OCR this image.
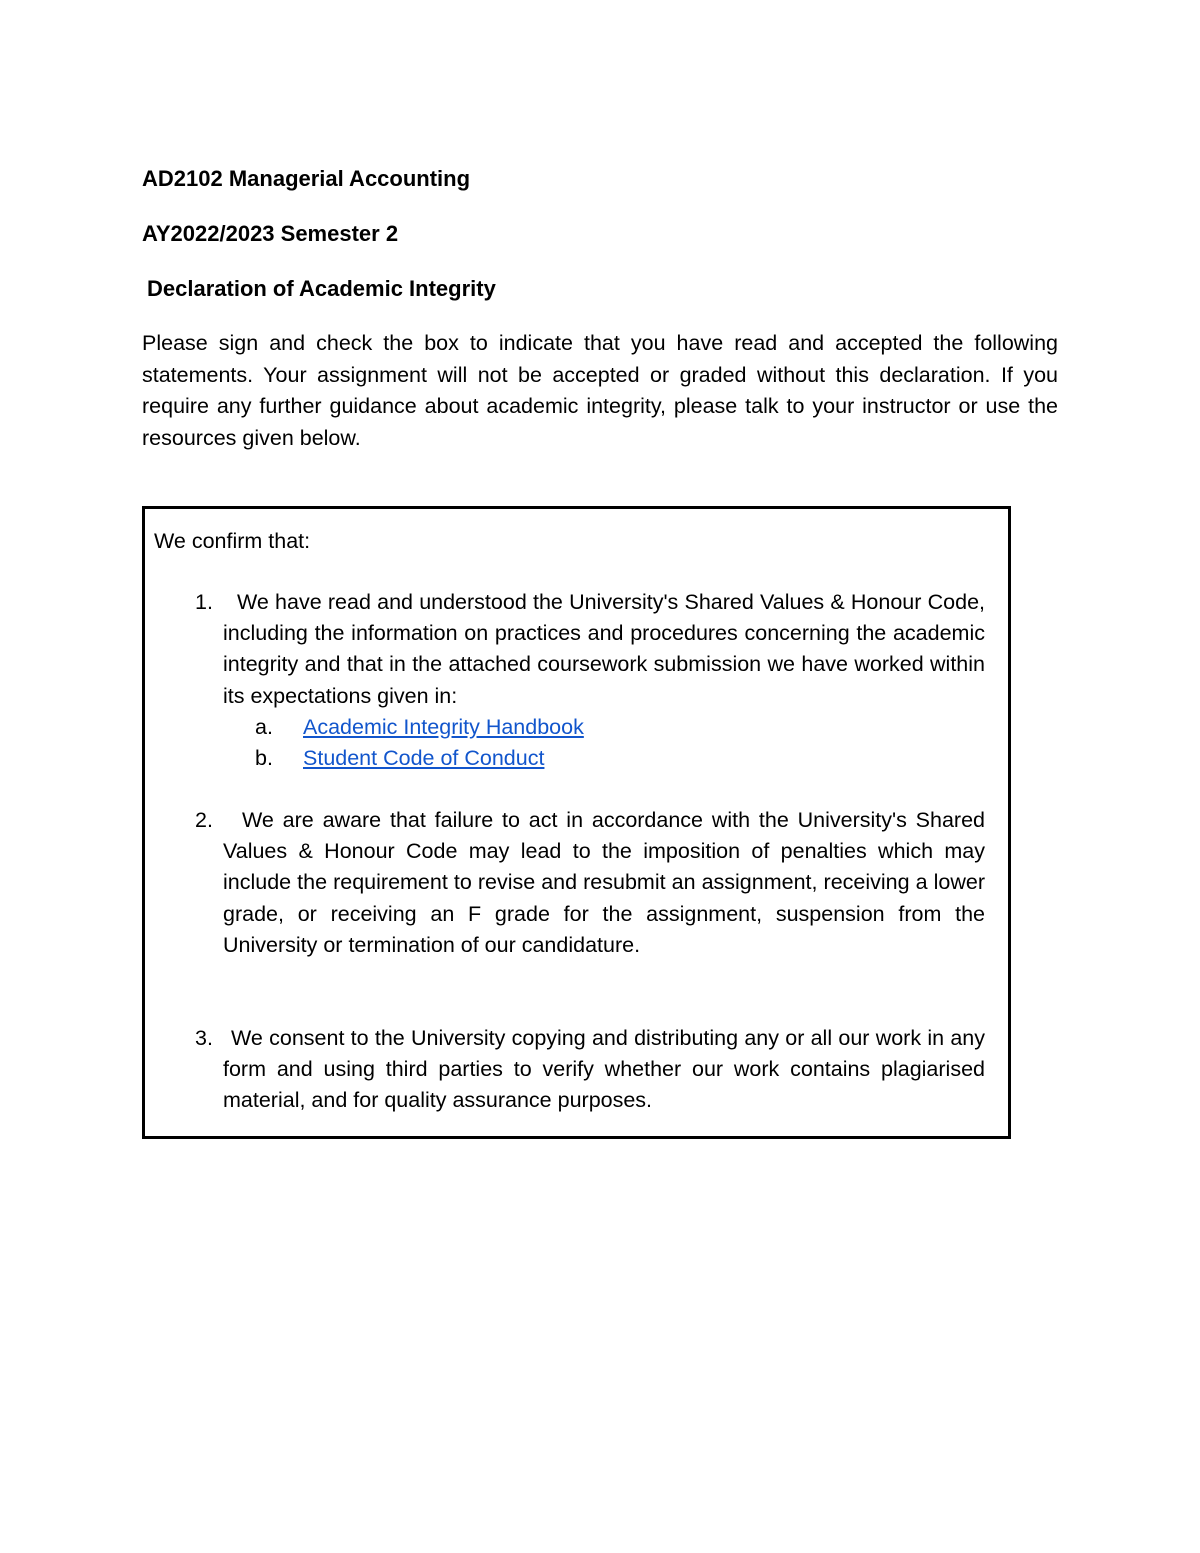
AD2102 Managerial Accounting
AY2022/2023 Semester 2
Declaration of Academic Integrity

Please sign and check the box to indicate that you have read and accepted the following statements. Your assignment will not be accepted or graded without this declaration. If you require any further guidance about academic integrity, please talk to your instructor or use the resources given below.

We confirm that:

1. We have read and understood the University's Shared Values & Honour Code, including the information on practices and procedures concerning the academic integrity and that in the attached coursework submission we have worked within its expectations given in:
a. Academic Integrity Handbook
b. Student Code of Conduct
2. We are aware that failure to act in accordance with the University's Shared Values & Honour Code may lead to the imposition of penalties which may include the requirement to revise and resubmit an assignment, receiving a lower grade, or receiving an F grade for the assignment, suspension from the University or termination of our candidature.
3. We consent to the University copying and distributing any or all our work in any form and using third parties to verify whether our work contains plagiarised material, and for quality assurance purposes.
